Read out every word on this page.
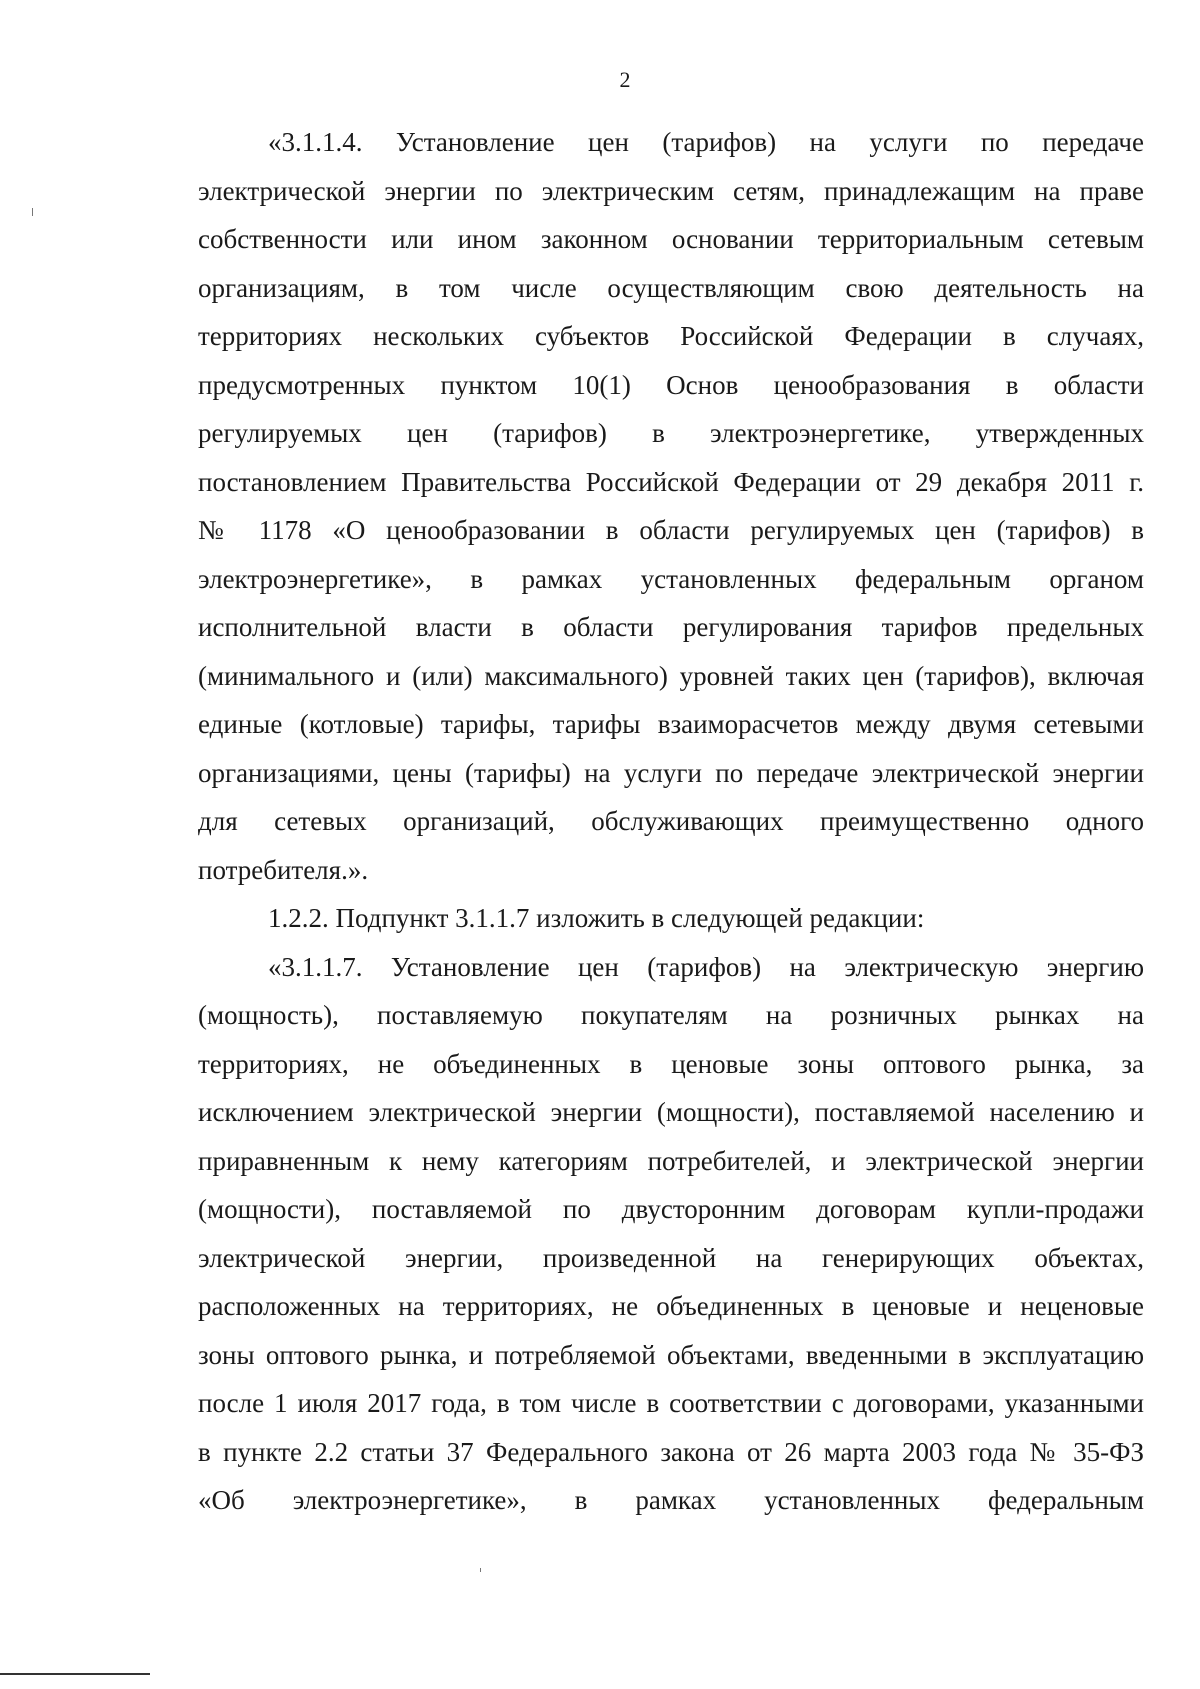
2
«3.1.1.4. Установление цен (тарифов) на услуги по передаче
электрической энергии по электрическим сетям, принадлежащим на праве
собственности или ином законном основании территориальным сетевым
организациям, в том числе осуществляющим свою деятельность на
территориях нескольких субъектов Российской Федерации в случаях,
предусмотренных пунктом 10(1) Основ ценообразования в области
регулируемых цен (тарифов) в электроэнергетике, утвержденных
постановлением Правительства Российской Федерации от 29 декабря 2011 г.
№ 1178 «О ценообразовании в области регулируемых цен (тарифов) в
электроэнергетике», в рамках установленных федеральным органом
исполнительной власти в области регулирования тарифов предельных
(минимального и (или) максимального) уровней таких цен (тарифов), включая
единые (котловые) тарифы, тарифы взаиморасчетов между двумя сетевыми
организациями, цены (тарифы) на услуги по передаче электрической энергии
для сетевых организаций, обслуживающих преимущественно одного
потребителя.».
1.2.2. Подпункт 3.1.1.7 изложить в следующей редакции:
«3.1.1.7. Установление цен (тарифов) на электрическую энергию
(мощность), поставляемую покупателям на розничных рынках на
территориях, не объединенных в ценовые зоны оптового рынка, за
исключением электрической энергии (мощности), поставляемой населению и
приравненным к нему категориям потребителей, и электрической энергии
(мощности), поставляемой по двусторонним договорам купли-продажи
электрической энергии, произведенной на генерирующих объектах,
расположенных на территориях, не объединенных в ценовые и неценовые
зоны оптового рынка, и потребляемой объектами, введенными в эксплуатацию
после 1 июля 2017 года, в том числе в соответствии с договорами, указанными
в пункте 2.2 статьи 37 Федерального закона от 26 марта 2003 года № 35-ФЗ
«Об электроэнергетике», в рамках установленных федеральным
